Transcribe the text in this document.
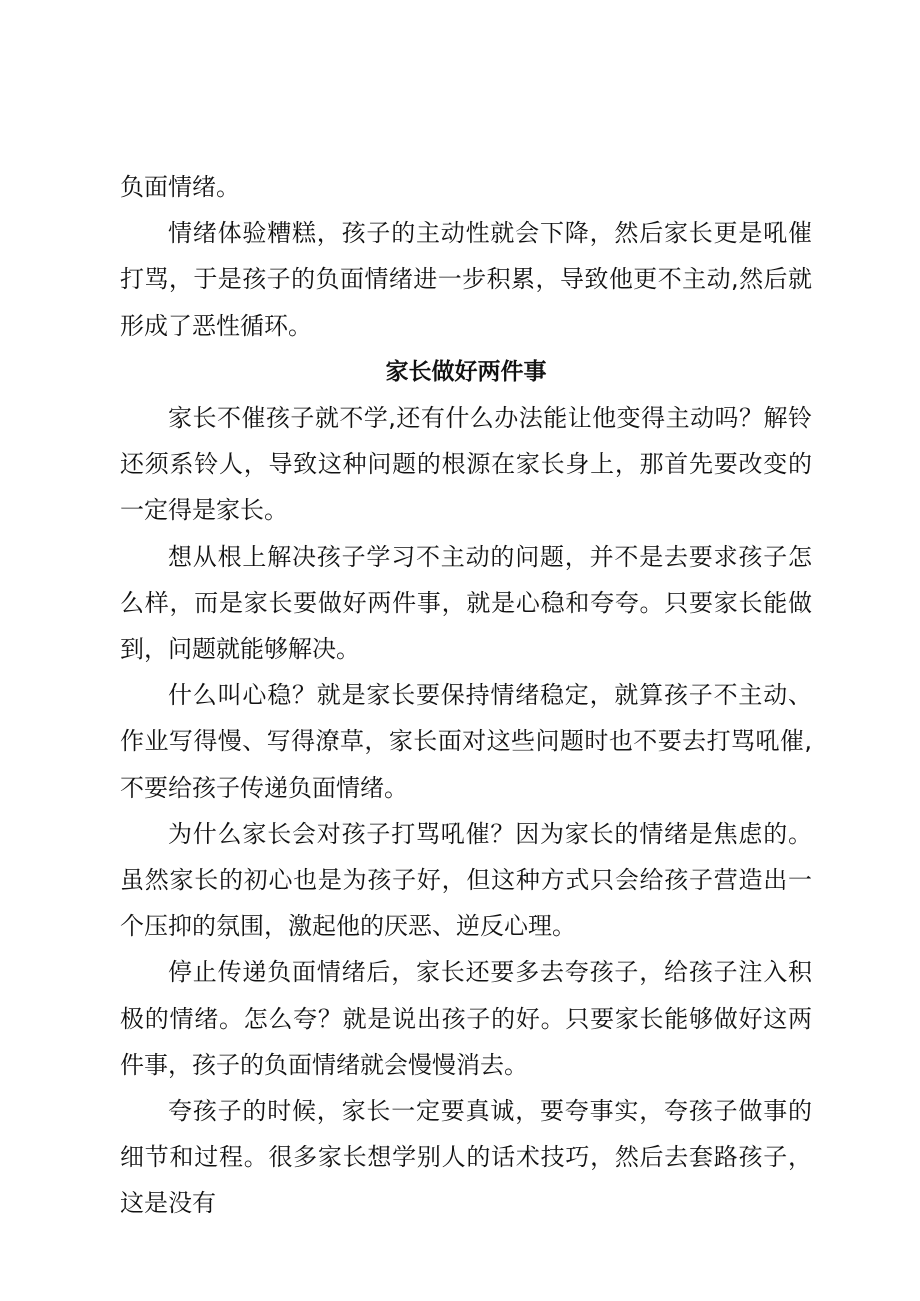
负面情绪。

情绪体验糟糕，孩子的主动性就会下降，然后家长更是吼催打骂，于是孩子的负面情绪进一步积累，导致他更不主动,然后就形成了恶性循环。

家长做好两件事

家长不催孩子就不学,还有什么办法能让他变得主动吗？解铃还须系铃人，导致这种问题的根源在家长身上，那首先要改变的一定得是家长。

想从根上解决孩子学习不主动的问题，并不是去要求孩子怎么样，而是家长要做好两件事，就是心稳和夸夸。只要家长能做到，问题就能够解决。

什么叫心稳？就是家长要保持情绪稳定，就算孩子不主动、作业写得慢、写得潦草，家长面对这些问题时也不要去打骂吼催,不要给孩子传递负面情绪。

为什么家长会对孩子打骂吼催？因为家长的情绪是焦虑的。虽然家长的初心也是为孩子好，但这种方式只会给孩子营造出一个压抑的氛围，激起他的厌恶、逆反心理。

停止传递负面情绪后，家长还要多去夸孩子，给孩子注入积极的情绪。怎么夸？就是说出孩子的好。只要家长能够做好这两件事，孩子的负面情绪就会慢慢消去。

夸孩子的时候，家长一定要真诚，要夸事实，夸孩子做事的细节和过程。很多家长想学别人的话术技巧，然后去套路孩子，这是没有
